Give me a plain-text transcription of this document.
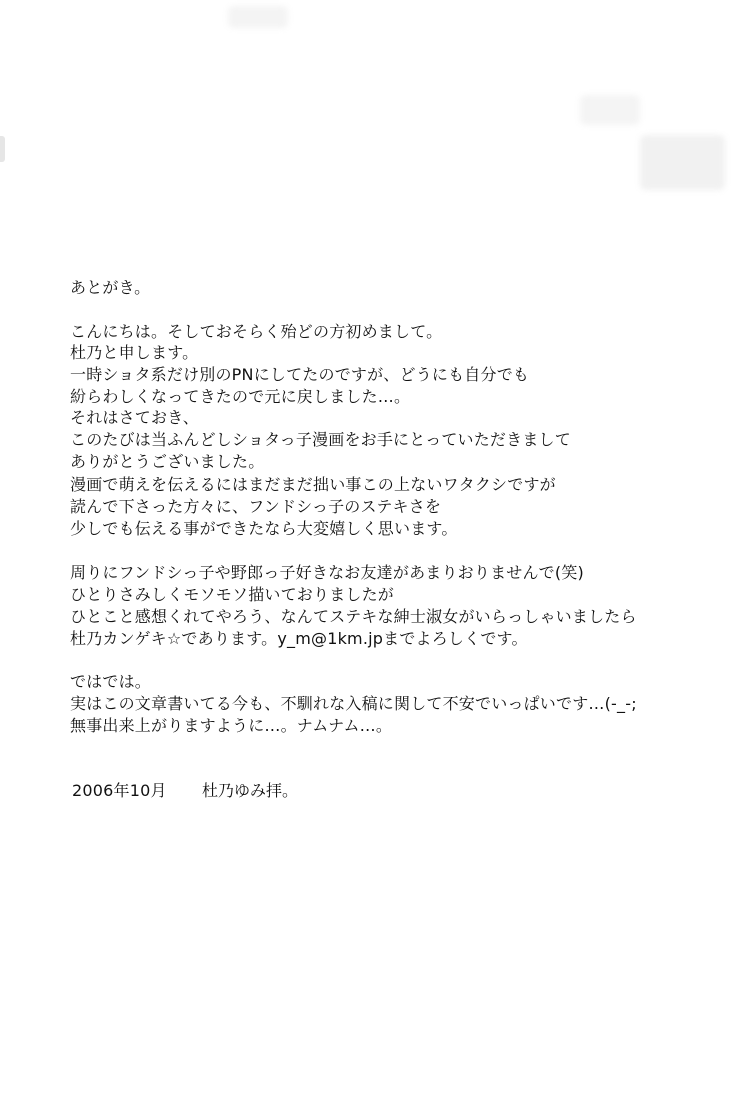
あとがき。
こんにちは。そしておそらく殆どの方初めまして。
杜乃と申します。
一時ショタ系だけ別のPNにしてたのですが、どうにも自分でも
紛らわしくなってきたので元に戻しました…。
それはさておき、
このたびは当ふんどしショタっ子漫画をお手にとっていただきまして
ありがとうございました。
漫画で萌えを伝えるにはまだまだ拙い事この上ないワタクシですが
読んで下さった方々に、フンドシっ子のステキさを
少しでも伝える事ができたなら大変嬉しく思います。
周りにフンドシっ子や野郎っ子好きなお友達があまりおりませんで(笑)
ひとりさみしくモソモソ描いておりましたが
ひとこと感想くれてやろう、なんてステキな紳士淑女がいらっしゃいましたら
杜乃カンゲキ☆であります。y_m@1km.jpまでよろしくです。
ではでは。
実はこの文章書いてる今も、不馴れな入稿に関して不安でいっぱいです…(-_-;
無事出来上がりますように…。ナムナム…。
2006年10月 杜乃ゆみ拝。
